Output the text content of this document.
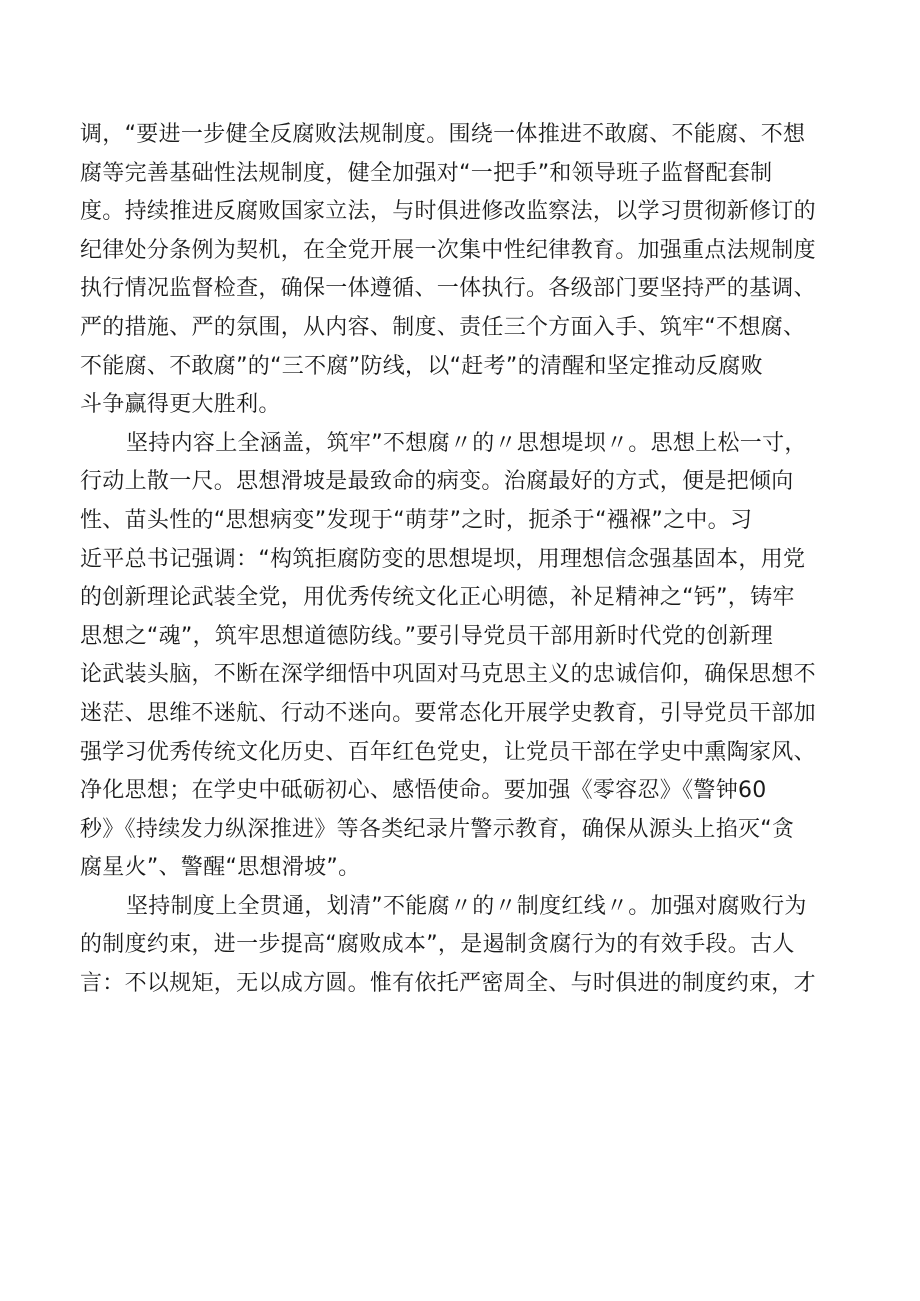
调，“要进一步健全反腐败法规制度。围绕一体推进不敢腐、不能腐、不想
腐等完善基础性法规制度，健全加强对“一把手”和领导班子监督配套制
度。持续推进反腐败国家立法，与时俱进修改监察法，以学习贯彻新修订的
纪律处分条例为契机，在全党开展一次集中性纪律教育。加强重点法规制度
执行情况监督检查，确保一体遵循、一体执行。各级部门要坚持严的基调、
严的措施、严的氛围，从内容、制度、责任三个方面入手、筑牢“不想腐、
不能腐、不敢腐”的“三不腐”防线，以“赶考”的清醒和坚定推动反腐败
斗争赢得更大胜利。
坚持内容上全涵盖，筑牢”不想腐〃的〃思想堤坝〃。思想上松一寸，
行动上散一尺。思想滑坡是最致命的病变。治腐最好的方式，便是把倾向
性、苗头性的“思想病变”发现于“萌芽”之时，扼杀于“襁褓”之中。习
近平总书记强调：“构筑拒腐防变的思想堤坝，用理想信念强基固本，用党
的创新理论武装全党，用优秀传统文化正心明德，补足精神之“钙”，铸牢
思想之“魂”，筑牢思想道德防线。”要引导党员干部用新时代党的创新理
论武装头脑，不断在深学细悟中巩固对马克思主义的忠诚信仰，确保思想不
迷茫、思维不迷航、行动不迷向。要常态化开展学史教育，引导党员干部加
强学习优秀传统文化历史、百年红色党史，让党员干部在学史中熏陶家风、
净化思想；在学史中砥砺初心、感悟使命。要加强《零容忍》《警钟60
秒》《持续发力纵深推进》等各类纪录片警示教育，确保从源头上掐灭“贪
腐星火”、警醒“思想滑坡”。
坚持制度上全贯通，划清”不能腐〃的〃制度红线〃。加强对腐败行为
的制度约束，进一步提高“腐败成本”，是遏制贪腐行为的有效手段。古人
言：不以规矩，无以成方圆。惟有依托严密周全、与时俱进的制度约束，才
